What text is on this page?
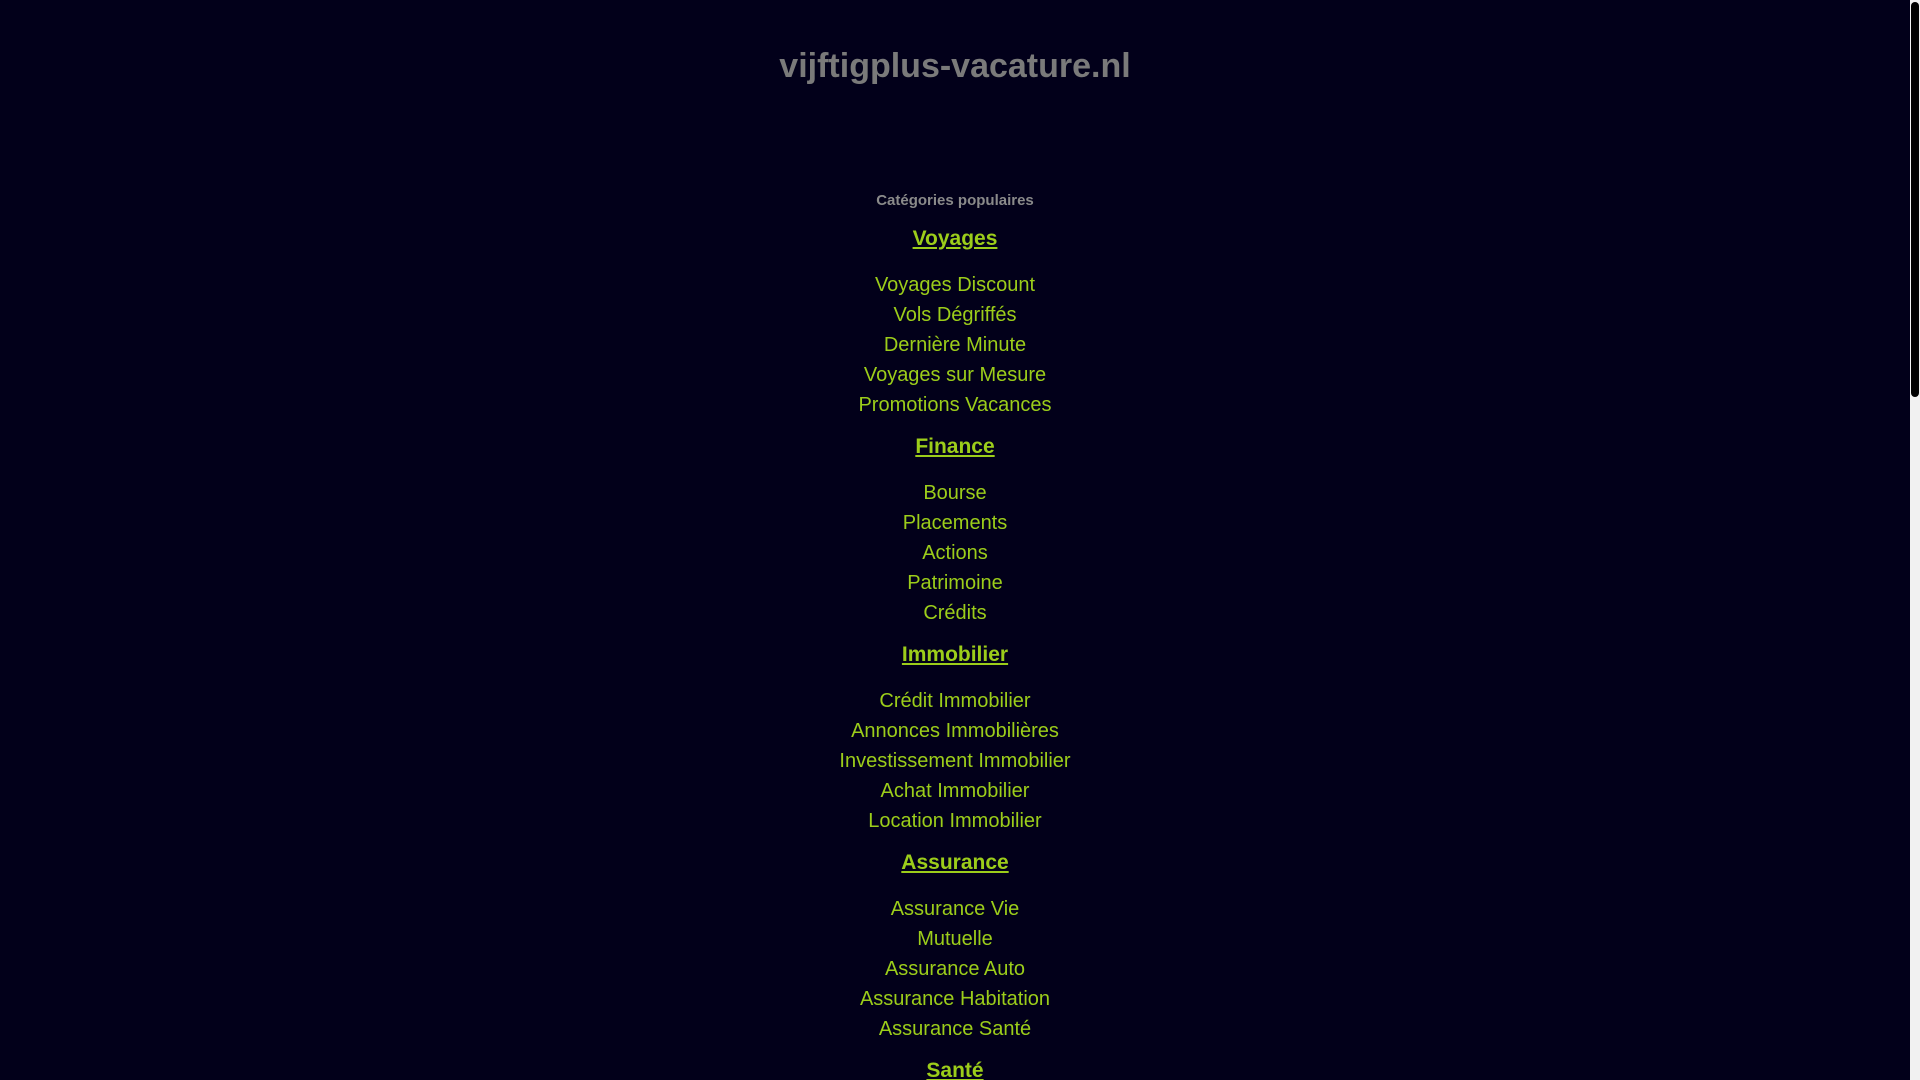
vijftigplus-vacature.nl
Catégories populaires
Voyages
Voyages Discount
Vols Dégriffés
Dernière Minute
Voyages sur Mesure
Promotions Vacances
Finance
Bourse
Placements
Actions
Patrimoine
Crédits
Immobilier
Crédit Immobilier
Annonces Immobilières
Investissement Immobilier
Achat Immobilier
Location Immobilier
Assurance
Assurance Vie
Mutuelle
Assurance Auto
Assurance Habitation
Assurance Santé
Santé
